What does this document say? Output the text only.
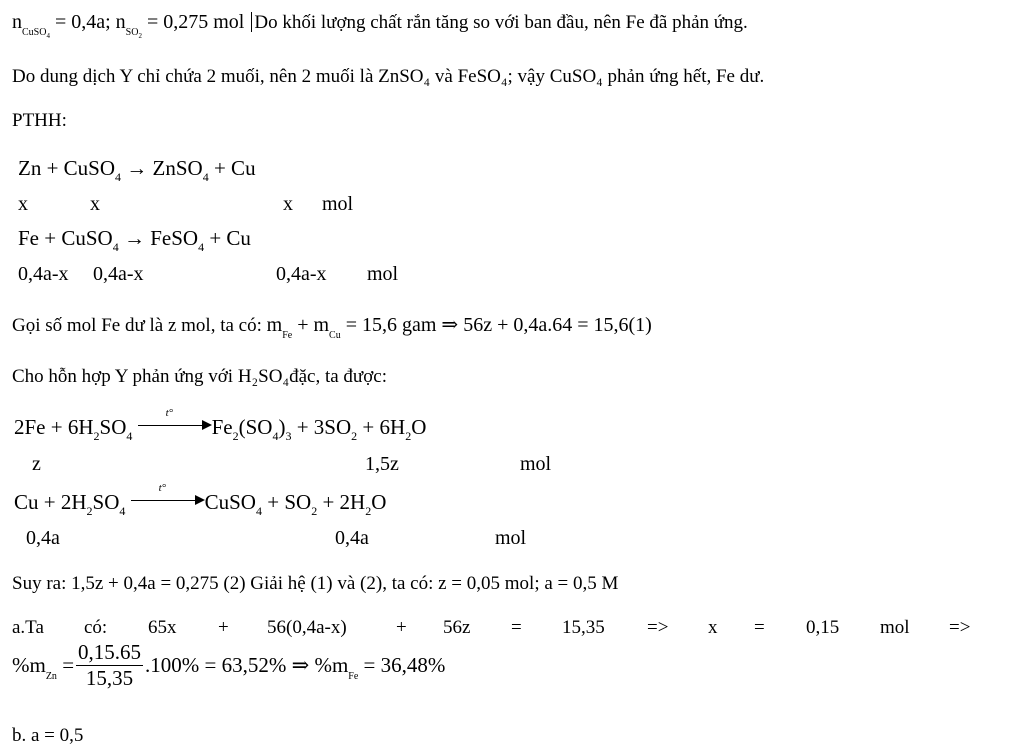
$n_{CuSO_4} = 0,4a$; $n_{SO_2} = 0,275$ mol Do khối lượng chất rắn tăng so với ban đầu, nên Fe đã phản ứng.
Do dung dịch Y chỉ chứa 2 muối, nên 2 muối là ZnSO₄ và FeSO₄; vậy CuSO₄ phản ứng hết, Fe dư.
PTHH:
Zn + CuSO$_4$ → ZnSO$_4$ + Cu
x	x	x mol
Fe + CuSO$_4$ → FeSO$_4$ + Cu
0,4a-x 0,4a-x	0,4a-x mol
Gọi số mol Fe dư là z mol, ta có: $m_{Fe} + m_{Cu} = 15,6$ gam ⇒ 56z + 0,4a.64 = 15,6(1)
Cho hỗn hợp Y phản ứng với H₂SO₄đặc, ta được:
$2Fe + 6H_2SO_4$
t°
$Fe_2(SO_4)_3 + 3SO_2 + 6H_2O$
z	1,5z	mol
$Cu + 2H_2SO_4$
t°
CuSO$_4$ + $SO_2 + 2H_2O$
0,4a	0,4a	mol
Suy ra: 1,5z + 0,4a = 0,275 (2) Giải hệ (1) và (2), ta có: z = 0,05 mol; a = 0,5 M
a.Ta có: 65x + 56(0,4a-x)	+ 56z = 15,35 => x = 0,15 mol =>
$\%m_{Zn} = \frac{0,15.65}{15,35} .100\% = 63,52\%$ ⇒ $\%m_{Fe} = 36,48\%$
b. a = 0,5
